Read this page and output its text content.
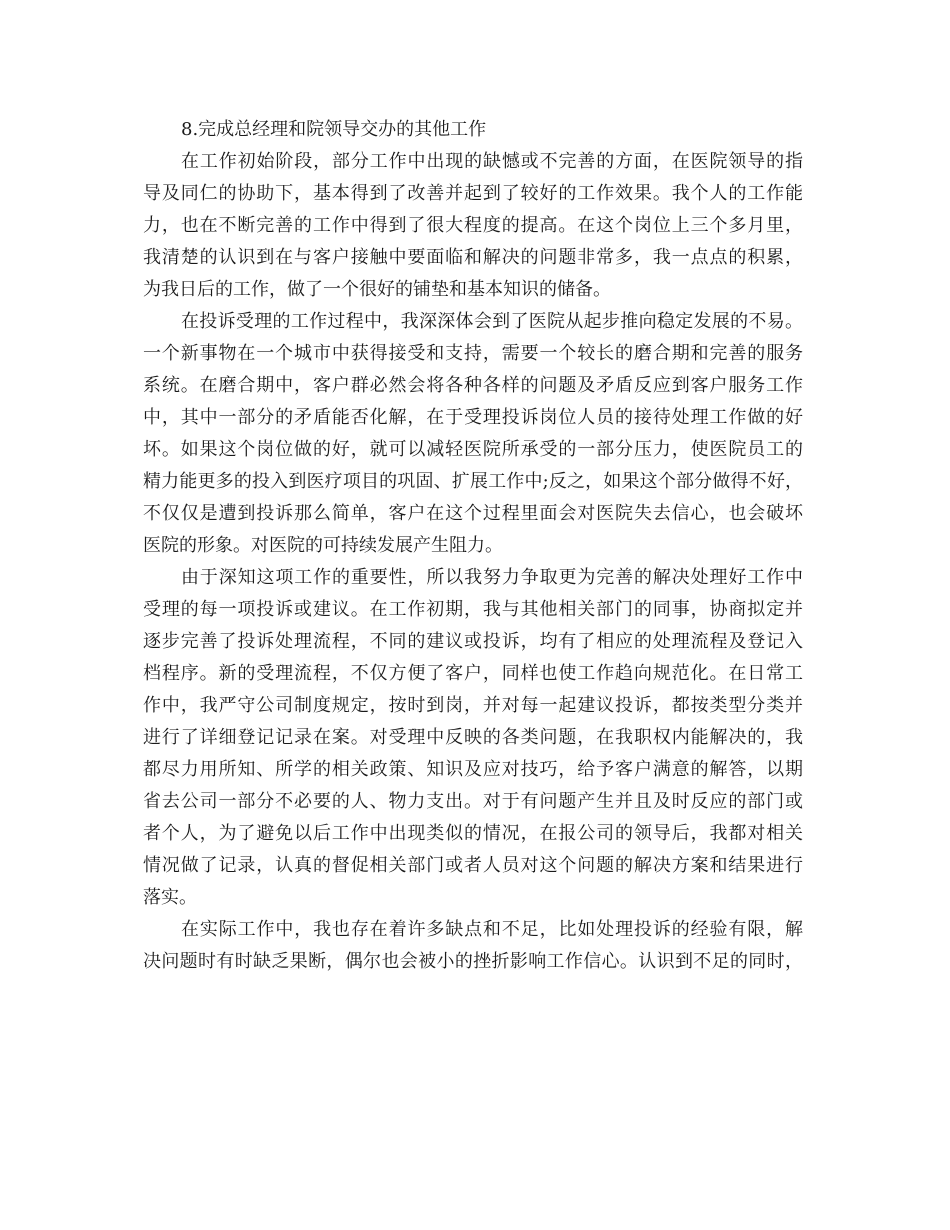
8.完成总经理和院领导交办的其他工作
在工作初始阶段，部分工作中出现的缺憾或不完善的方面，在医院领导的指
导及同仁的协助下，基本得到了改善并起到了较好的工作效果。我个人的工作能
力，也在不断完善的工作中得到了很大程度的提高。在这个岗位上三个多月里，
我清楚的认识到在与客户接触中要面临和解决的问题非常多，我一点点的积累，
为我日后的工作，做了一个很好的铺垫和基本知识的储备。
在投诉受理的工作过程中，我深深体会到了医院从起步推向稳定发展的不易。
一个新事物在一个城市中获得接受和支持，需要一个较长的磨合期和完善的服务
系统。在磨合期中，客户群必然会将各种各样的问题及矛盾反应到客户服务工作
中，其中一部分的矛盾能否化解，在于受理投诉岗位人员的接待处理工作做的好
坏。如果这个岗位做的好，就可以减轻医院所承受的一部分压力，使医院员工的
精力能更多的投入到医疗项目的巩固、扩展工作中;反之，如果这个部分做得不好，
不仅仅是遭到投诉那么简单，客户在这个过程里面会对医院失去信心，也会破坏
医院的形象。对医院的可持续发展产生阻力。
由于深知这项工作的重要性，所以我努力争取更为完善的解决处理好工作中
受理的每一项投诉或建议。在工作初期，我与其他相关部门的同事，协商拟定并
逐步完善了投诉处理流程，不同的建议或投诉，均有了相应的处理流程及登记入
档程序。新的受理流程，不仅方便了客户，同样也使工作趋向规范化。在日常工
作中，我严守公司制度规定，按时到岗，并对每一起建议投诉，都按类型分类并
进行了详细登记记录在案。对受理中反映的各类问题，在我职权内能解决的，我
都尽力用所知、所学的相关政策、知识及应对技巧，给予客户满意的解答，以期
省去公司一部分不必要的人、物力支出。对于有问题产生并且及时反应的部门或
者个人，为了避免以后工作中出现类似的情况，在报公司的领导后，我都对相关
情况做了记录，认真的督促相关部门或者人员对这个问题的解决方案和结果进行
落实。
在实际工作中，我也存在着许多缺点和不足，比如处理投诉的经验有限，解
决问题时有时缺乏果断，偶尔也会被小的挫折影响工作信心。认识到不足的同时，
